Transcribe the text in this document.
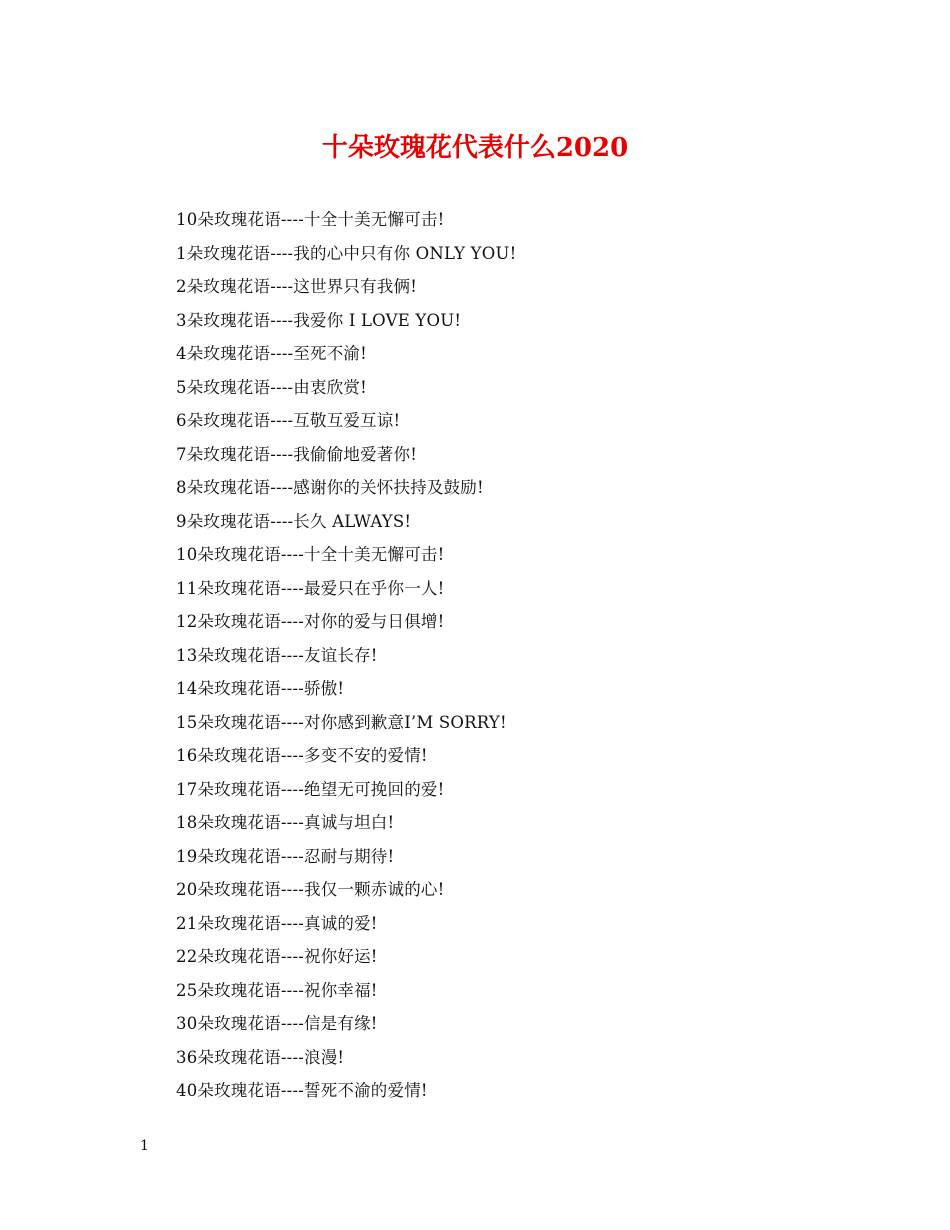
十朵玫瑰花代表什么2020
10朵玫瑰花语----十全十美无懈可击!
1朵玫瑰花语----我的心中只有你 ONLY YOU!
2朵玫瑰花语----这世界只有我俩!
3朵玫瑰花语----我爱你 I LOVE YOU!
4朵玫瑰花语----至死不渝!
5朵玫瑰花语----由衷欣赏!
6朵玫瑰花语----互敬互爱互谅!
7朵玫瑰花语----我偷偷地爱著你!
8朵玫瑰花语----感谢你的关怀扶持及鼓励!
9朵玫瑰花语----长久 ALWAYS!
10朵玫瑰花语----十全十美无懈可击!
11朵玫瑰花语----最爱只在乎你一人!
12朵玫瑰花语----对你的爱与日俱增!
13朵玫瑰花语----友谊长存!
14朵玫瑰花语----骄傲!
15朵玫瑰花语----对你感到歉意I’M SORRY!
16朵玫瑰花语----多变不安的爱情!
17朵玫瑰花语----绝望无可挽回的爱!
18朵玫瑰花语----真诚与坦白!
19朵玫瑰花语----忍耐与期待!
20朵玫瑰花语----我仅一颗赤诚的心!
21朵玫瑰花语----真诚的爱!
22朵玫瑰花语----祝你好运!
25朵玫瑰花语----祝你幸福!
30朵玫瑰花语----信是有缘!
36朵玫瑰花语----浪漫!
40朵玫瑰花语----誓死不渝的爱情!
1
